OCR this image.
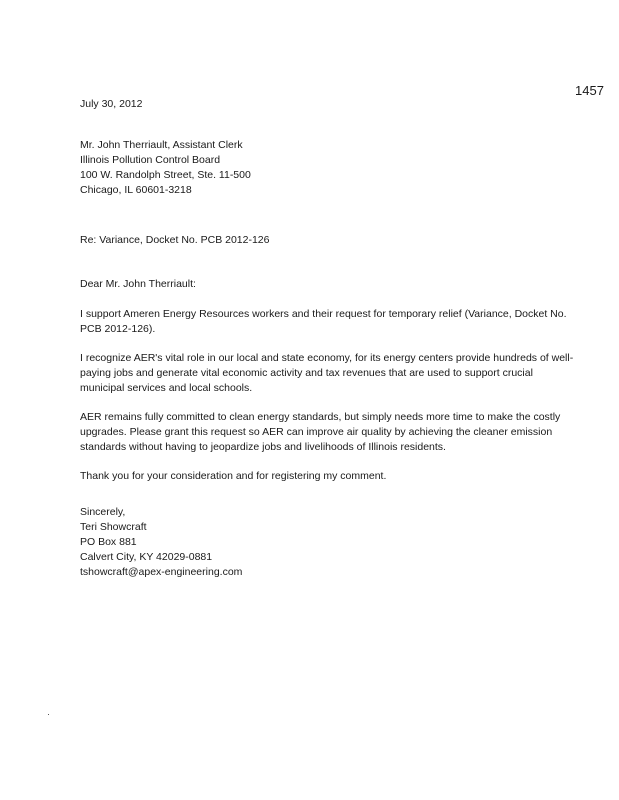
1457

July 30, 2012

Mr. John Therriault, Assistant Clerk
Illinois Pollution Control Board
100 W. Randolph Street, Ste. 11-500
Chicago, IL 60601-3218

Re: Variance, Docket No. PCB 2012-126

Dear Mr. John Therriault:

I support Ameren Energy Resources workers and their request for temporary relief (Variance, Docket No. PCB 2012-126).

I recognize AER's vital role in our local and state economy, for its energy centers provide hundreds of well-paying jobs and generate vital economic activity and tax revenues that are used to support crucial municipal services and local schools.

AER remains fully committed to clean energy standards, but simply needs more time to make the costly upgrades. Please grant this request so AER can improve air quality by achieving the cleaner emission standards without having to jeopardize jobs and livelihoods of Illinois residents.

Thank you for your consideration and for registering my comment.

Sincerely,
Teri Showcraft
PO Box 881
Calvert City, KY 42029-0881
tshowcraft@apex-engineering.com
